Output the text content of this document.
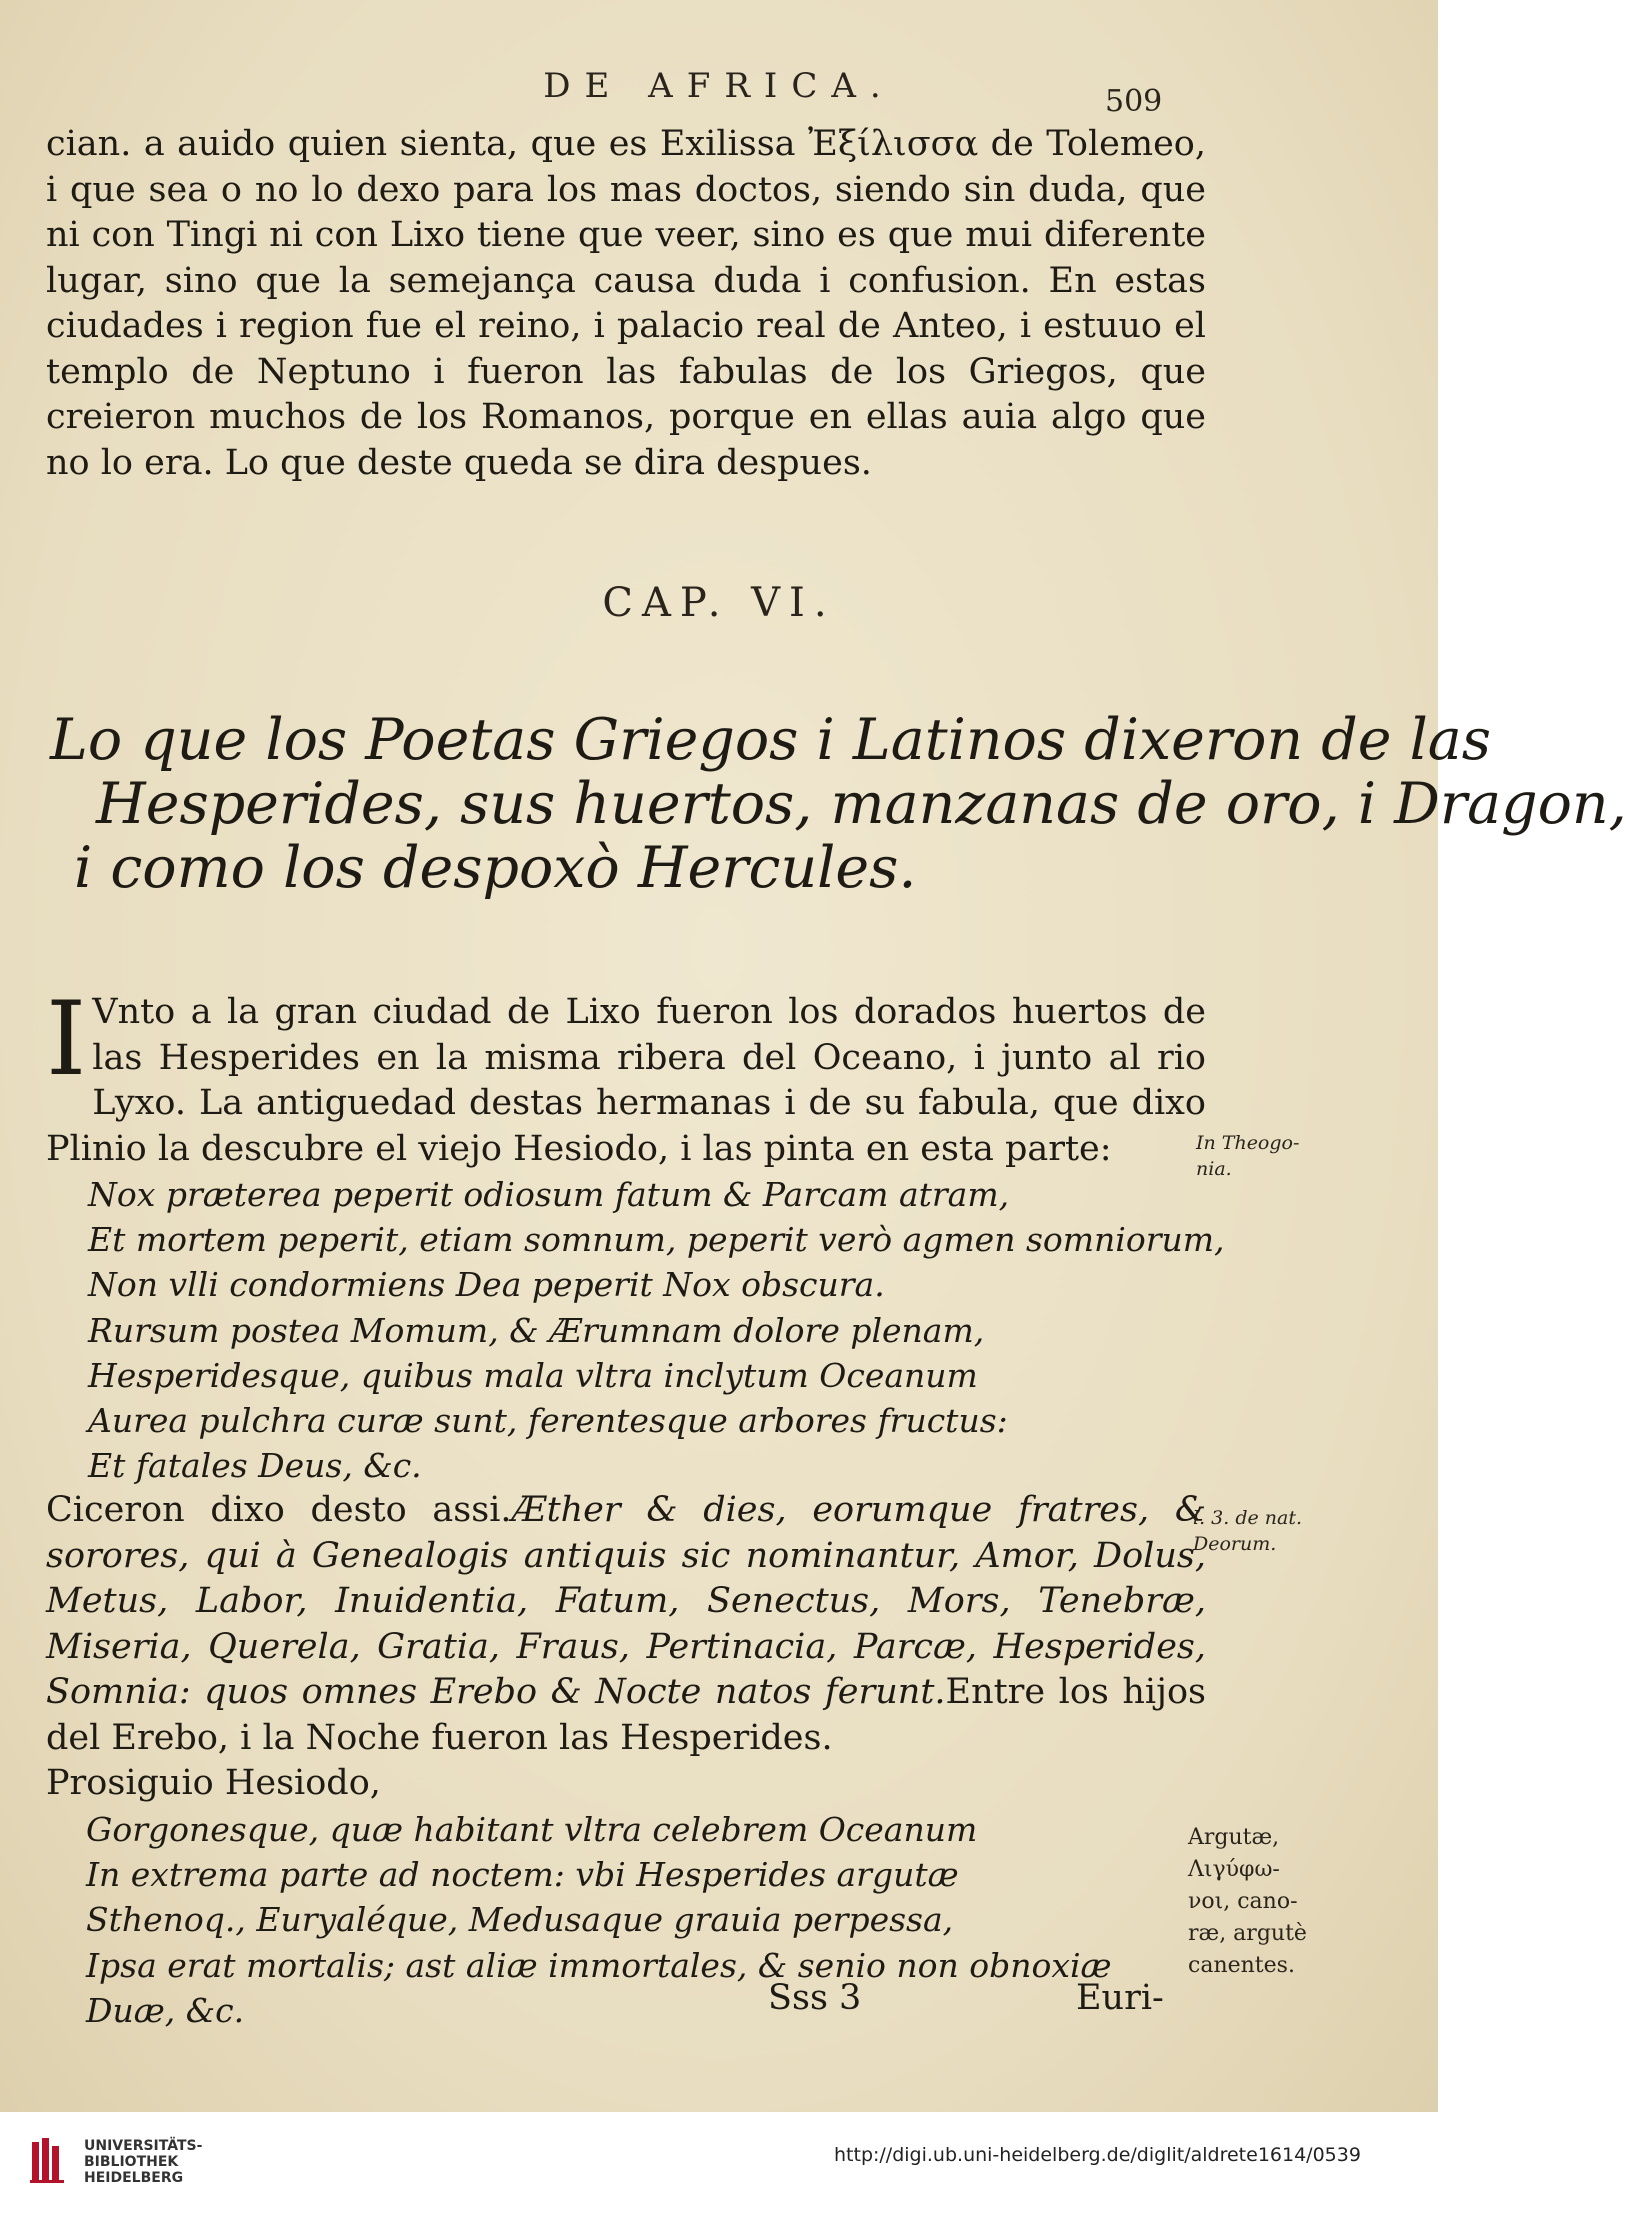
DE AFRICA.	509

cian. a auido quien sienta, que es Exilissa Ἐξίλισσα de Tolemeo, i que sea o no lo dexo para los mas doctos, siendo sin duda, que ni con Tingi ni con Lixo tiene que veer, sino es que mui diferente lugar, sino que la semejança causa duda i confusion. En estas ciudades i region fue el reino, i palacio real de Anteo, i estuuo el templo de Neptuno i fueron las fabulas de los Griegos, que creieron muchos de los Romanos, porque en ellas auia algo que no lo era. Lo que deste queda se dira despues.

CAP. VI.
Lo que los Poetas Griegos i Latinos dixeron de las
Hesperides, sus huertos, manzanas de oro, i Dragon,
i como los despoxò Hercules.

I Vnto a la gran ciudad de Lixo fueron los dorados huertos de las Hesperides en la misma ribera del Oceano, i junto al rio Lyxo. La antiguedad destas hermanas i de su fabula, que dixo Plinio la descubre el viejo Hesiodo, i las pinta en esta parte:

Nox præterea peperit odiosum fatum & Parcam atram,
Et mortem peperit, etiam somnum, peperit verò agmen somniorum,
Non vlli condormiens Dea peperit Nox obscura.
Rursum postea Momum, & Ærumnam dolore plenam,
Hesperidesque, quibus mala vltra inclytum Oceanum
Aurea pulchra curæ sunt, ferentesque arbores fructus:
Et fatales Deus, &c.

Ciceron dixo desto assi.Æther & dies, eorumque fratres, & sorores, qui à Genealogis antiquis sic nominantur, Amor, Dolus, Metus, Labor, Inuidentia, Fatum, Senectus, Mors, Tenebræ, Miseria, Querela, Gratia, Fraus, Pertinacia, Parcæ, Hesperides, Somnia: quos omnes Erebo & Nocte natos ferunt.Entre los hijos del Erebo, i la Noche fueron las Hesperides.

Prosiguio Hesiodo,

Gorgonesque, quæ habitant vltra celebrem Oceanum
In extrema parte ad noctem: vbi Hesperides argutæ
Sthenoq., Euryaléque, Medusaque grauia perpessa,
Ipsa erat mortalis; ast aliæ immortales, & senio non obnoxiæ
Duæ, &c.	Sss 3	Euri-
In Theogo-
nia.
l. 3. de nat.
Deorum.
Argutæ,
Λιγύφω-
νοι, cano-
ræ, argutè
canentes.
UNIVERSITÄTS-
BIBLIOTHEK
HEIDELBERG
http://digi.ub.uni-heidelberg.de/diglit/aldrete1614/0539
